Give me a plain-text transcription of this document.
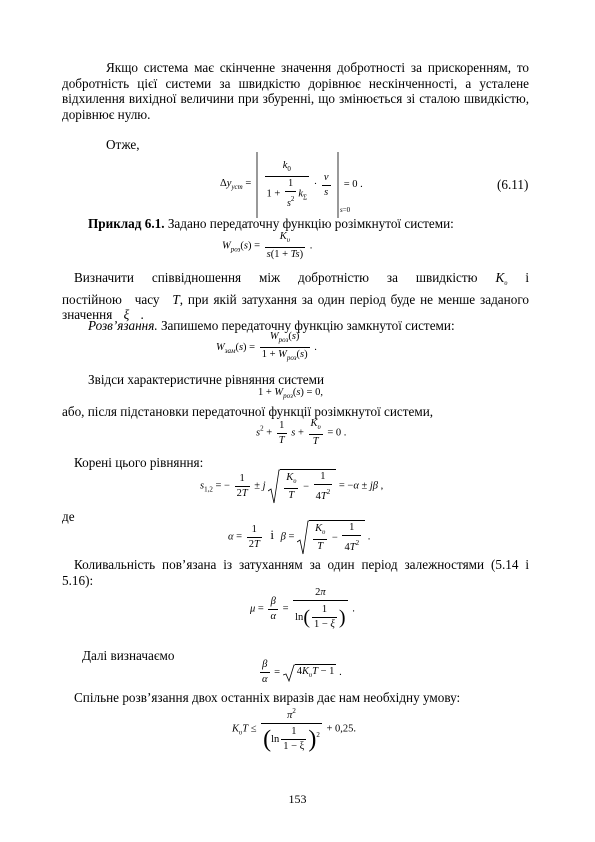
Якщо система має скінченне значення добротності за прискоренням, то добротність цієї системи за швидкістю дорівнює нескінченності, а усталене відхилення вихідної величини при збуренні, що змінюється зі сталою швидкістю, дорівнює нулю.
Отже,
$\Delta y_{уст} = \frac{k_0}{1 + \frac{1}{s^2} k_\Sigma} \cdot \frac{\nu}{s} = 0$ .
s=0
(6.11)
Приклад 6.1. Задано передаточну функцію розімкнутої системи:
$W_{роз}(s) = \frac{K_\upsilon}{s(1 + Ts)}$ .
Визначити співвідношення між добротністю за швидкістю $K_\upsilon$ і постійною часу T, при якій затухання за один період буде не менше заданого значення ξ .
Розв’язання. Запишемо передаточну функцію замкнутої системи:
$W_{зам}(s) = \frac{W_{роз}(s)}{1 + W_{роз}(s)}$ .
Звідси характеристичне рівняння системи
$1 + W_{роз}(s) = 0$,
або, після підстановки передаточної функції розімкнутої системи,
$s^2 + \frac{1}{T}$ $s + \frac{K_\upsilon}{T} = 0$ .
Корені цього рівняння:
$s_{1,2}$ = − $\frac{1}{2T} \pm j \frac{K_\upsilon}{T} - \frac{1}{4T^2} = -\alpha \pm j\beta$ ,
де
$\alpha = \frac{1}{2T}$ і $\beta = \frac{K_\upsilon}{T} - \frac{1}{4T^2}$ .
Коливальність пов’язана із затуханням за один період залежностями (5.14 і 5.16):
$\mu = \frac{\beta}{\alpha} = \frac{2\pi}{\ln( \frac{1}{1 - \xi} )}$ .
Далі визначаємо
$\frac{\beta}{\alpha}$ =
$4K_\upsilon T - 1$ .
Спільне розв’язання двох останніх виразів дає нам необхідну умову:
$K_\upsilon T \le \frac{\pi^2}{(\ln \frac{1}{1 - \xi} )^2} + 0,25$.
153
